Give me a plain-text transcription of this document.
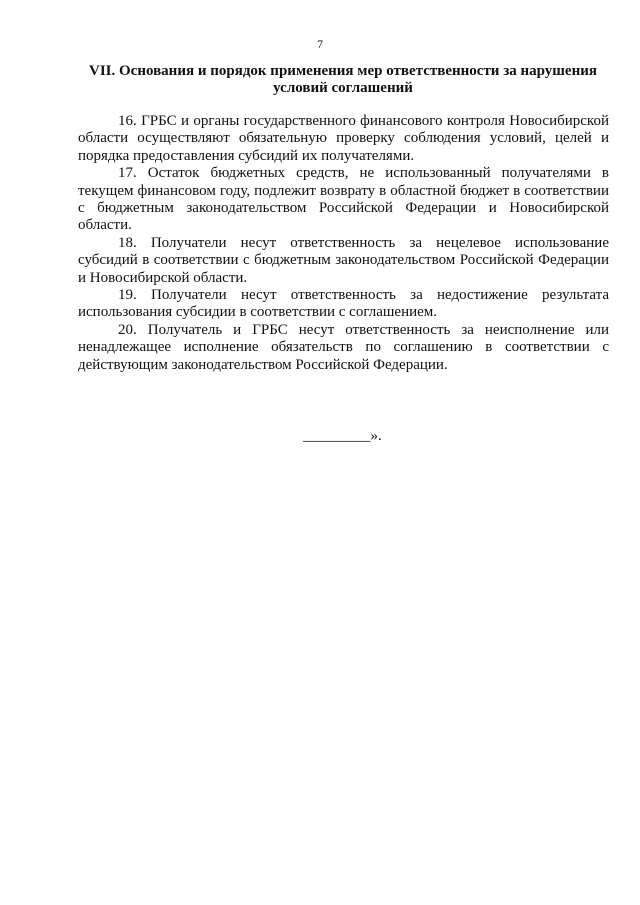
7
VII. Основания и порядок применения мер ответственности за нарушения
условий соглашений

16. ГРБС и органы государственного финансового контроля Новосибирской области осуществляют обязательную проверку соблюдения условий, целей и порядка предоставления субсидий их получателями.

17. Остаток бюджетных средств, не использованный получателями в текущем финансовом году, подлежит возврату в областной бюджет в соответствии с бюджетным законодательством Российской Федерации и Новосибирской области.

18. Получатели несут ответственность за нецелевое использование субсидий в соответствии с бюджетным законодательством Российской Федерации и Новосибирской области.

19. Получатели несут ответственность за недостижение результата использования субсидии в соответствии с соглашением.

20. Получатель и ГРБС несут ответственность за неисполнение или ненадлежащее исполнение обязательств по соглашению в соответствии с действующим законодательством Российской Федерации.

_________».
